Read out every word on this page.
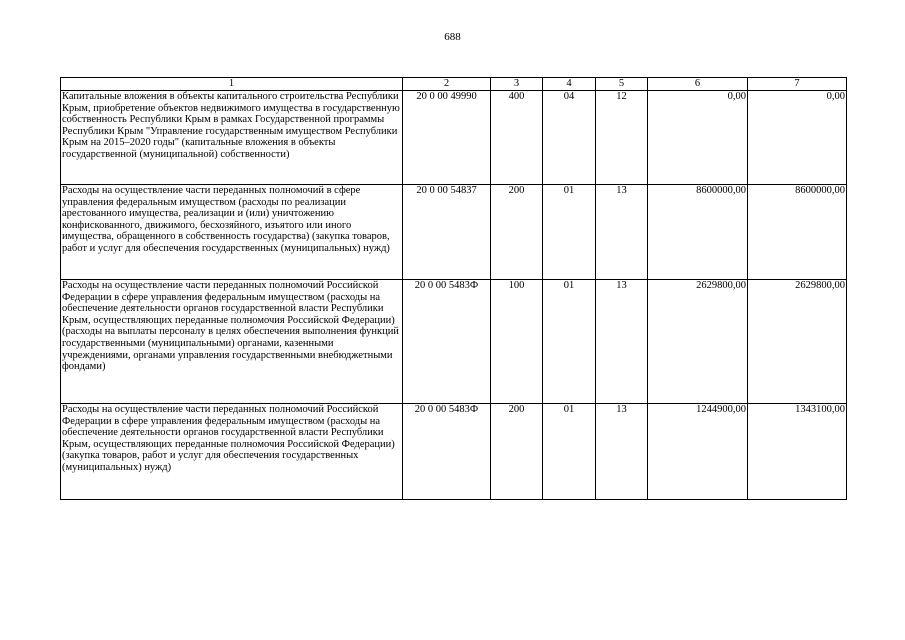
688
1	2	3	4	5	6	7
Капитальные вложения в объекты капитального строительства Республики Крым, приобретение объектов недвижимого имущества в государственную собственность Республики Крым в рамках Государственной программы Республики Крым "Управление государственным имуществом Республики Крым на 2015–2020 годы" (капитальные вложения в объекты государственной (муниципальной) собственности)	20 0 00 49990	400	04	12	0,00	0,00
Расходы на осуществление части переданных полномочий в сфере управления федеральным имуществом (расходы по реализации арестованного имущества, реализации и (или) уничтожению конфискованного, движимого, бесхозяйного, изъятого или иного имущества, обращенного в собственность государства) (закупка товаров, работ и услуг для обеспечения государственных (муниципальных) нужд)	20 0 00 54837	200	01	13	8600000,00	8600000,00
Расходы на осуществление части переданных полномочий Российской Федерации в сфере управления федеральным имуществом (расходы на обеспечение деятельности органов государственной власти Республики Крым, осуществляющих переданные полномочия Российской Федерации) (расходы на выплаты персоналу в целях обеспечения выполнения функций государственными (муниципальными) органами, казенными учреждениями, органами управления государственными внебюджетными фондами)	20 0 00 5483Ф	100	01	13	2629800,00	2629800,00
Расходы на осуществление части переданных полномочий Российской Федерации в сфере управления федеральным имуществом (расходы на обеспечение деятельности органов государственной власти Республики Крым, осуществляющих переданные полномочия Российской Федерации) (закупка товаров, работ и услуг для обеспечения государственных (муниципальных) нужд)	20 0 00 5483Ф	200	01	13	1244900,00	1343100,00
